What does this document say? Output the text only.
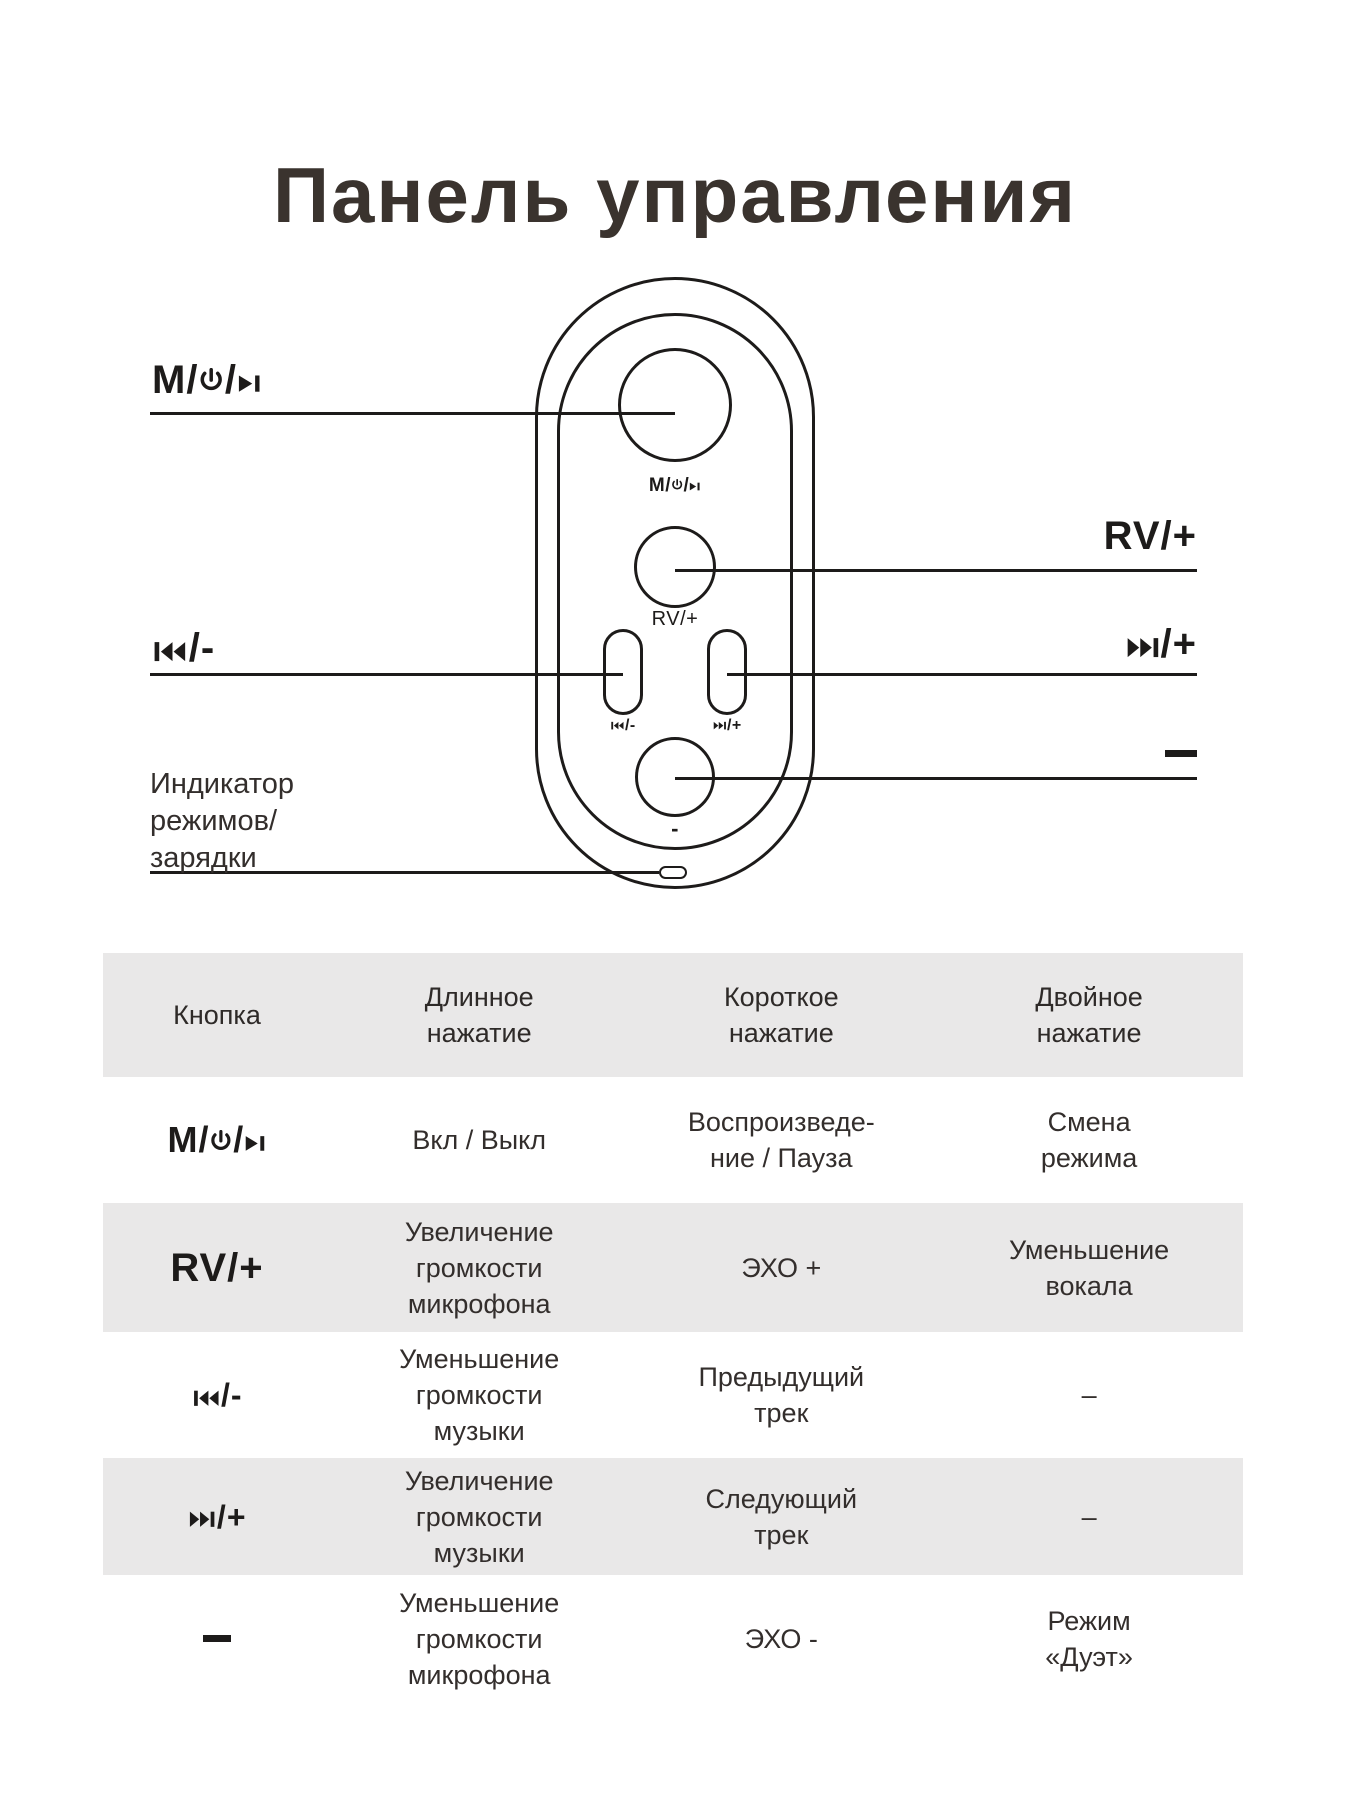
Панель управления
M/ /
/-
RV/+
/+
M/ /
RV/+
/-	/+
-
Индикатор
режимов/
зарядки
Кнопка
Длинное
нажатие
Короткое
нажатие
Двойное
нажатие
M/ /	Вкл / Выкл
Воспроизведе-
ние / Пауза
Смена
режима
RV/+
Увеличение
громкости
микрофона
ЭХО +
Уменьшение
вокала
/-
Уменьшение
громкости
музыки
Предыдущий
трек
–
/+
Увеличение
громкости
музыки
Следующий
трек
–
Уменьшение
громкости
микрофона
ЭХО -
Режим
«Дуэт»
